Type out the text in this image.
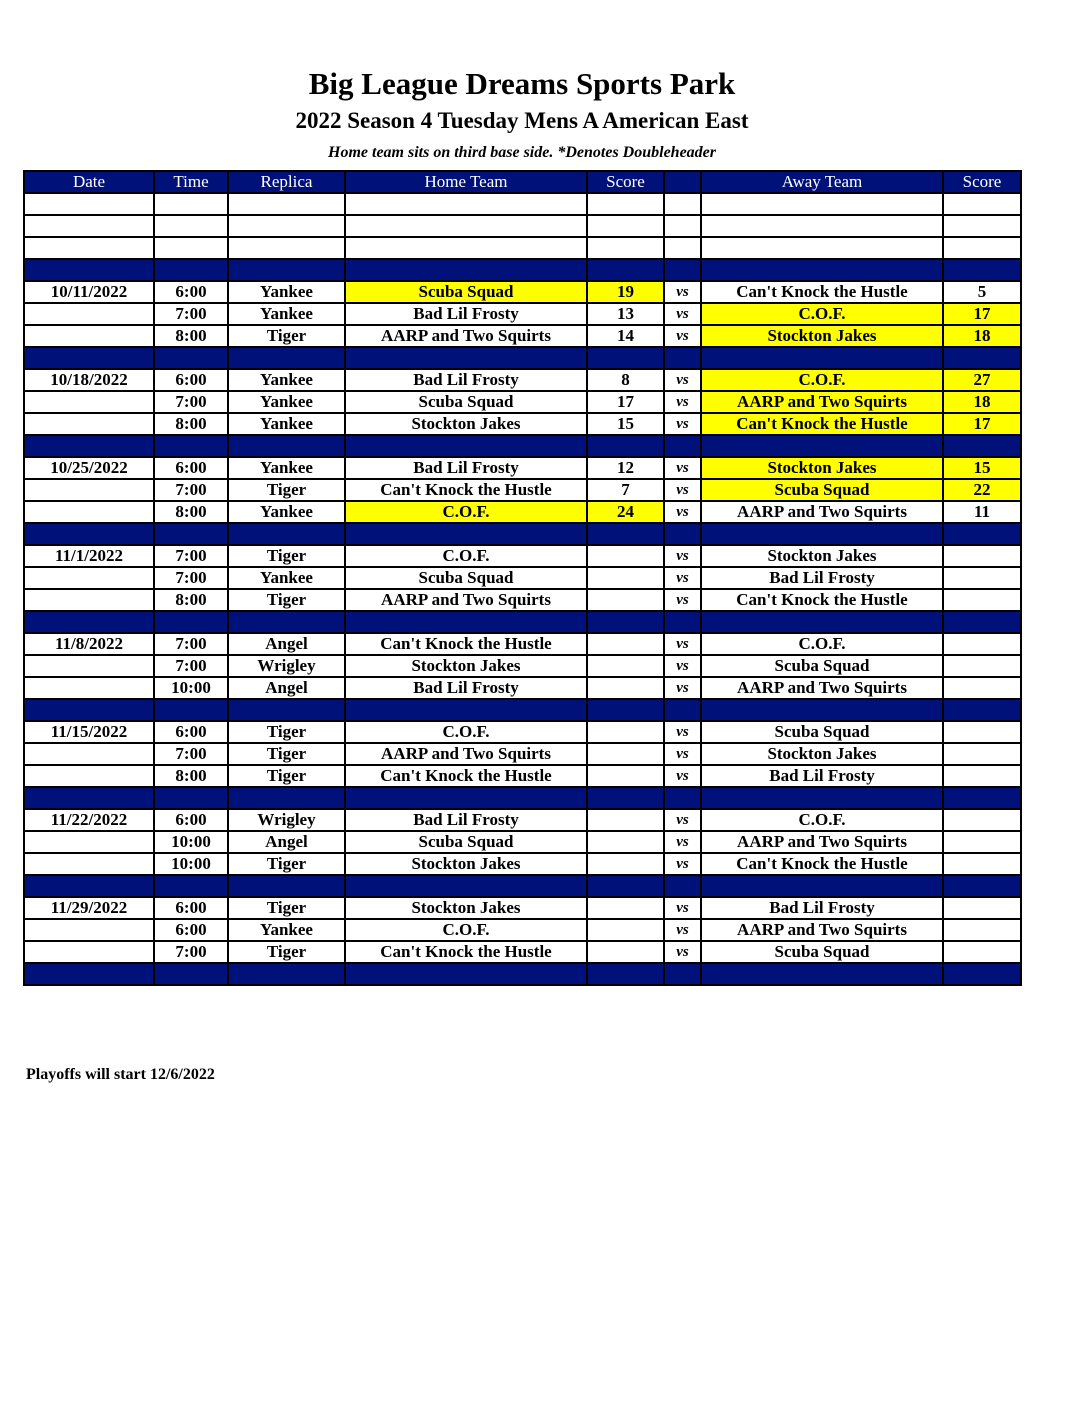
Big League Dreams Sports Park
2022 Season 4 Tuesday Mens A American East
Home team sits on third base side. *Denotes Doubleheader
Date	Time	Replica	Home Team	Score		Away Team	Score

10/11/2022	6:00	Yankee	Scuba Squad	19	vs	Can't Knock the Hustle	5
	7:00	Yankee	Bad Lil Frosty	13	vs	C.O.F.	17
	8:00	Tiger	AARP and Two Squirts	14	vs	Stockton Jakes	18

10/18/2022	6:00	Yankee	Bad Lil Frosty	8	vs	C.O.F.	27
	7:00	Yankee	Scuba Squad	17	vs	AARP and Two Squirts	18
	8:00	Yankee	Stockton Jakes	15	vs	Can't Knock the Hustle	17

10/25/2022	6:00	Yankee	Bad Lil Frosty	12	vs	Stockton Jakes	15
	7:00	Tiger	Can't Knock the Hustle	7	vs	Scuba Squad	22
	8:00	Yankee	C.O.F.	24	vs	AARP and Two Squirts	11

11/1/2022	7:00	Tiger	C.O.F.		vs	Stockton Jakes	
	7:00	Yankee	Scuba Squad		vs	Bad Lil Frosty	
	8:00	Tiger	AARP and Two Squirts		vs	Can't Knock the Hustle	

11/8/2022	7:00	Angel	Can't Knock the Hustle		vs	C.O.F.	
	7:00	Wrigley	Stockton Jakes		vs	Scuba Squad	
	10:00	Angel	Bad Lil Frosty		vs	AARP and Two Squirts	

11/15/2022	6:00	Tiger	C.O.F.		vs	Scuba Squad	
	7:00	Tiger	AARP and Two Squirts		vs	Stockton Jakes	
	8:00	Tiger	Can't Knock the Hustle		vs	Bad Lil Frosty	

11/22/2022	6:00	Wrigley	Bad Lil Frosty		vs	C.O.F.	
	10:00	Angel	Scuba Squad		vs	AARP and Two Squirts	
	10:00	Tiger	Stockton Jakes		vs	Can't Knock the Hustle	

11/29/2022	6:00	Tiger	Stockton Jakes		vs	Bad Lil Frosty	
	6:00	Yankee	C.O.F.		vs	AARP and Two Squirts	
	7:00	Tiger	Can't Knock the Hustle		vs	Scuba Squad	

Playoffs will start 12/6/2022
